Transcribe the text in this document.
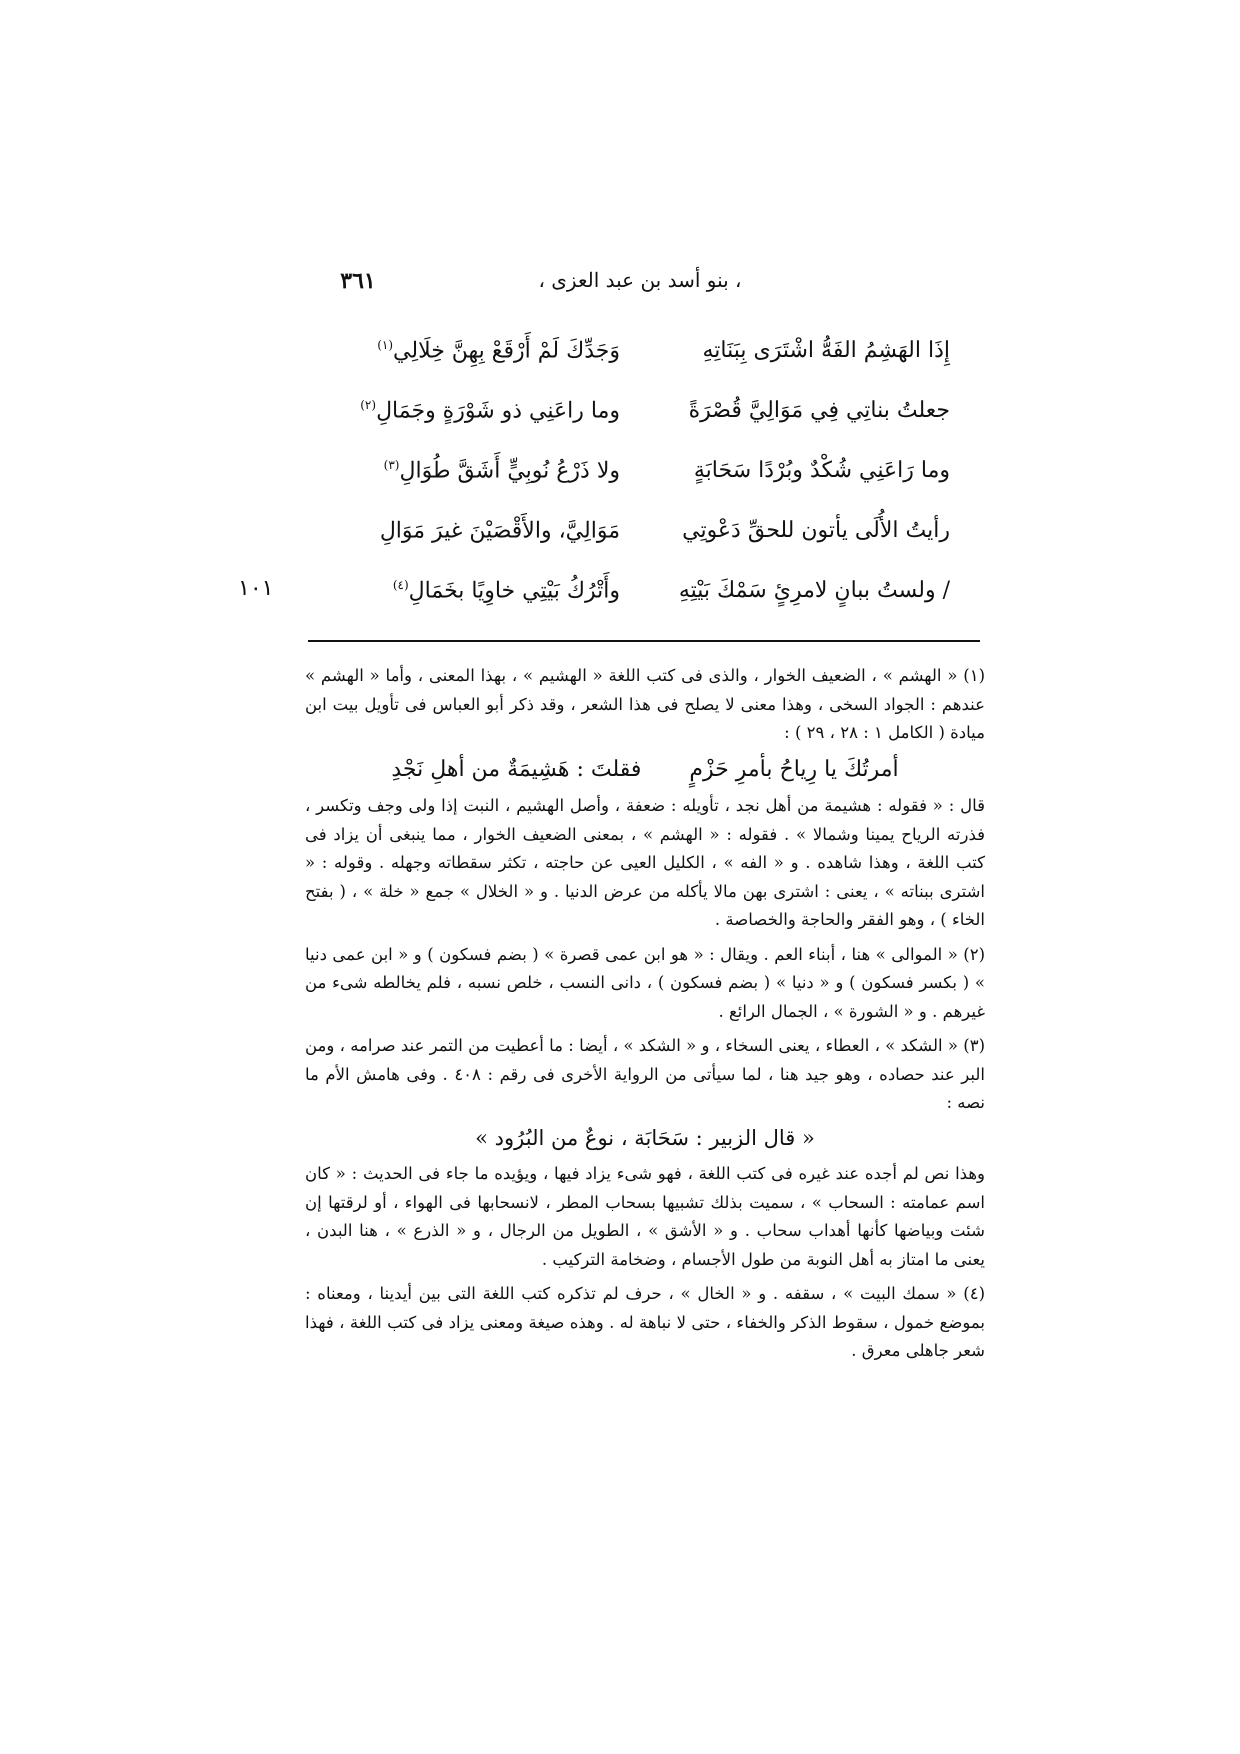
، بنو أسد بن عبد العزى ،
٣٦١
إِذَا الهَشِمُ الفَهُّ اشْتَرَى بِبَنَاتِهِ
وَجَدِّكَ لَمْ أَرْقَعْ بِهِنَّ خِلَالِي$^{(١)}$
جعلتُ بناتِي فِي مَوَالِيَّ قُصْرَةً
وما راعَنِي ذو شَوْرَةٍ وجَمَالِ$^{(٢)}$
وما رَاعَنِي شُكْدٌ وبُرْدًا سَحَابَةٍ
ولا ذَرْعُ نُوبِيٍّ أَشَقَّ طُوَالِ$^{(٣)}$
رأيتُ الأُلَى يأتون للحقِّ دَعْوتِي
مَوَالِيَّ، والأَقْصَيْنَ غيرَ مَوَالِ
/ ولستُ ببانٍ لامرِئٍ سَمْكَ بَيْتِهِ
وأَتْرُكُ بَيْتِي خاوِيًا بخَمَالِ$^{(٤)}$
١٠١

(١) « الهشم » ، الضعيف الخوار ، والذى فى كتب اللغة « الهشيم » ، بهذا المعنى ، وأما « الهشم » عندهم : الجواد السخى ، وهذا معنى لا يصلح فى هذا الشعر ، وقد ذكر أبو العباس فى تأويل بيت ابن ميادة ( الكامل ١ : ٢٨ ، ٢٩ ) :

أمرتُكَ يا رِياحُ بأمرِ حَزْمٍ
فقلتَ : هَشِيمَةٌ من أهلِ نَجْدِ

قال : « فقوله : هشيمة من أهل نجد ، تأويله : ضعفة ، وأصل الهشيم ، النبت إذا ولى وجف وتكسر ، فذرته الرياح يمينا وشمالا » . فقوله : « الهشم » ، بمعنى الضعيف الخوار ، مما ينبغى أن يزاد فى كتب اللغة ، وهذا شاهده . و « الفه » ، الكليل العيى عن حاجته ، تكثر سقطاته وجهله . وقوله : « اشترى ببناته » ، يعنى : اشترى بهن مالا يأكله من عرض الدنيا . و « الخلال » جمع « خلة » ، ( بفتح الخاء ) ، وهو الفقر والحاجة والخصاصة .

(٢) « الموالى » هنا ، أبناء العم . ويقال : « هو ابن عمى قصرة » ( بضم فسكون ) و « ابن عمى دنيا » ( بكسر فسكون ) و « دنيا » ( بضم فسكون ) ، دانى النسب ، خلص نسبه ، فلم يخالطه شىء من غيرهم . و « الشورة » ، الجمال الرائع .

(٣) « الشكد » ، العطاء ، يعنى السخاء ، و « الشكد » ، أيضا : ما أعطيت من التمر عند صرامه ، ومن البر عند حصاده ، وهو جيد هنا ، لما سيأتى من الرواية الأخرى فى رقم : ٤٠٨ . وفى هامش الأم ما نصه :

« قال الزبير : سَحَابَة ، نوعٌ من البُرُود »

وهذا نص لم أجده عند غيره فى كتب اللغة ، فهو شىء يزاد فيها ، ويؤيده ما جاء فى الحديث : « كان اسم عمامته : السحاب » ، سميت بذلك تشبيها بسحاب المطر ، لانسحابها فى الهواء ، أو لرقتها إن شئت وبياضها كأنها أهداب سحاب . و « الأشق » ، الطويل من الرجال ، و « الذرع » ، هنا البدن ، يعنى ما امتاز به أهل النوبة من طول الأجسام ، وضخامة التركيب .

(٤) « سمك البيت » ، سقفه . و « الخال » ، حرف لم تذكره كتب اللغة التى بين أيدينا ، ومعناه : بموضع خمول ، سقوط الذكر والخفاء ، حتى لا نباهة له . وهذه صيغة ومعنى يزاد فى كتب اللغة ، فهذا شعر جاهلى معرق .
